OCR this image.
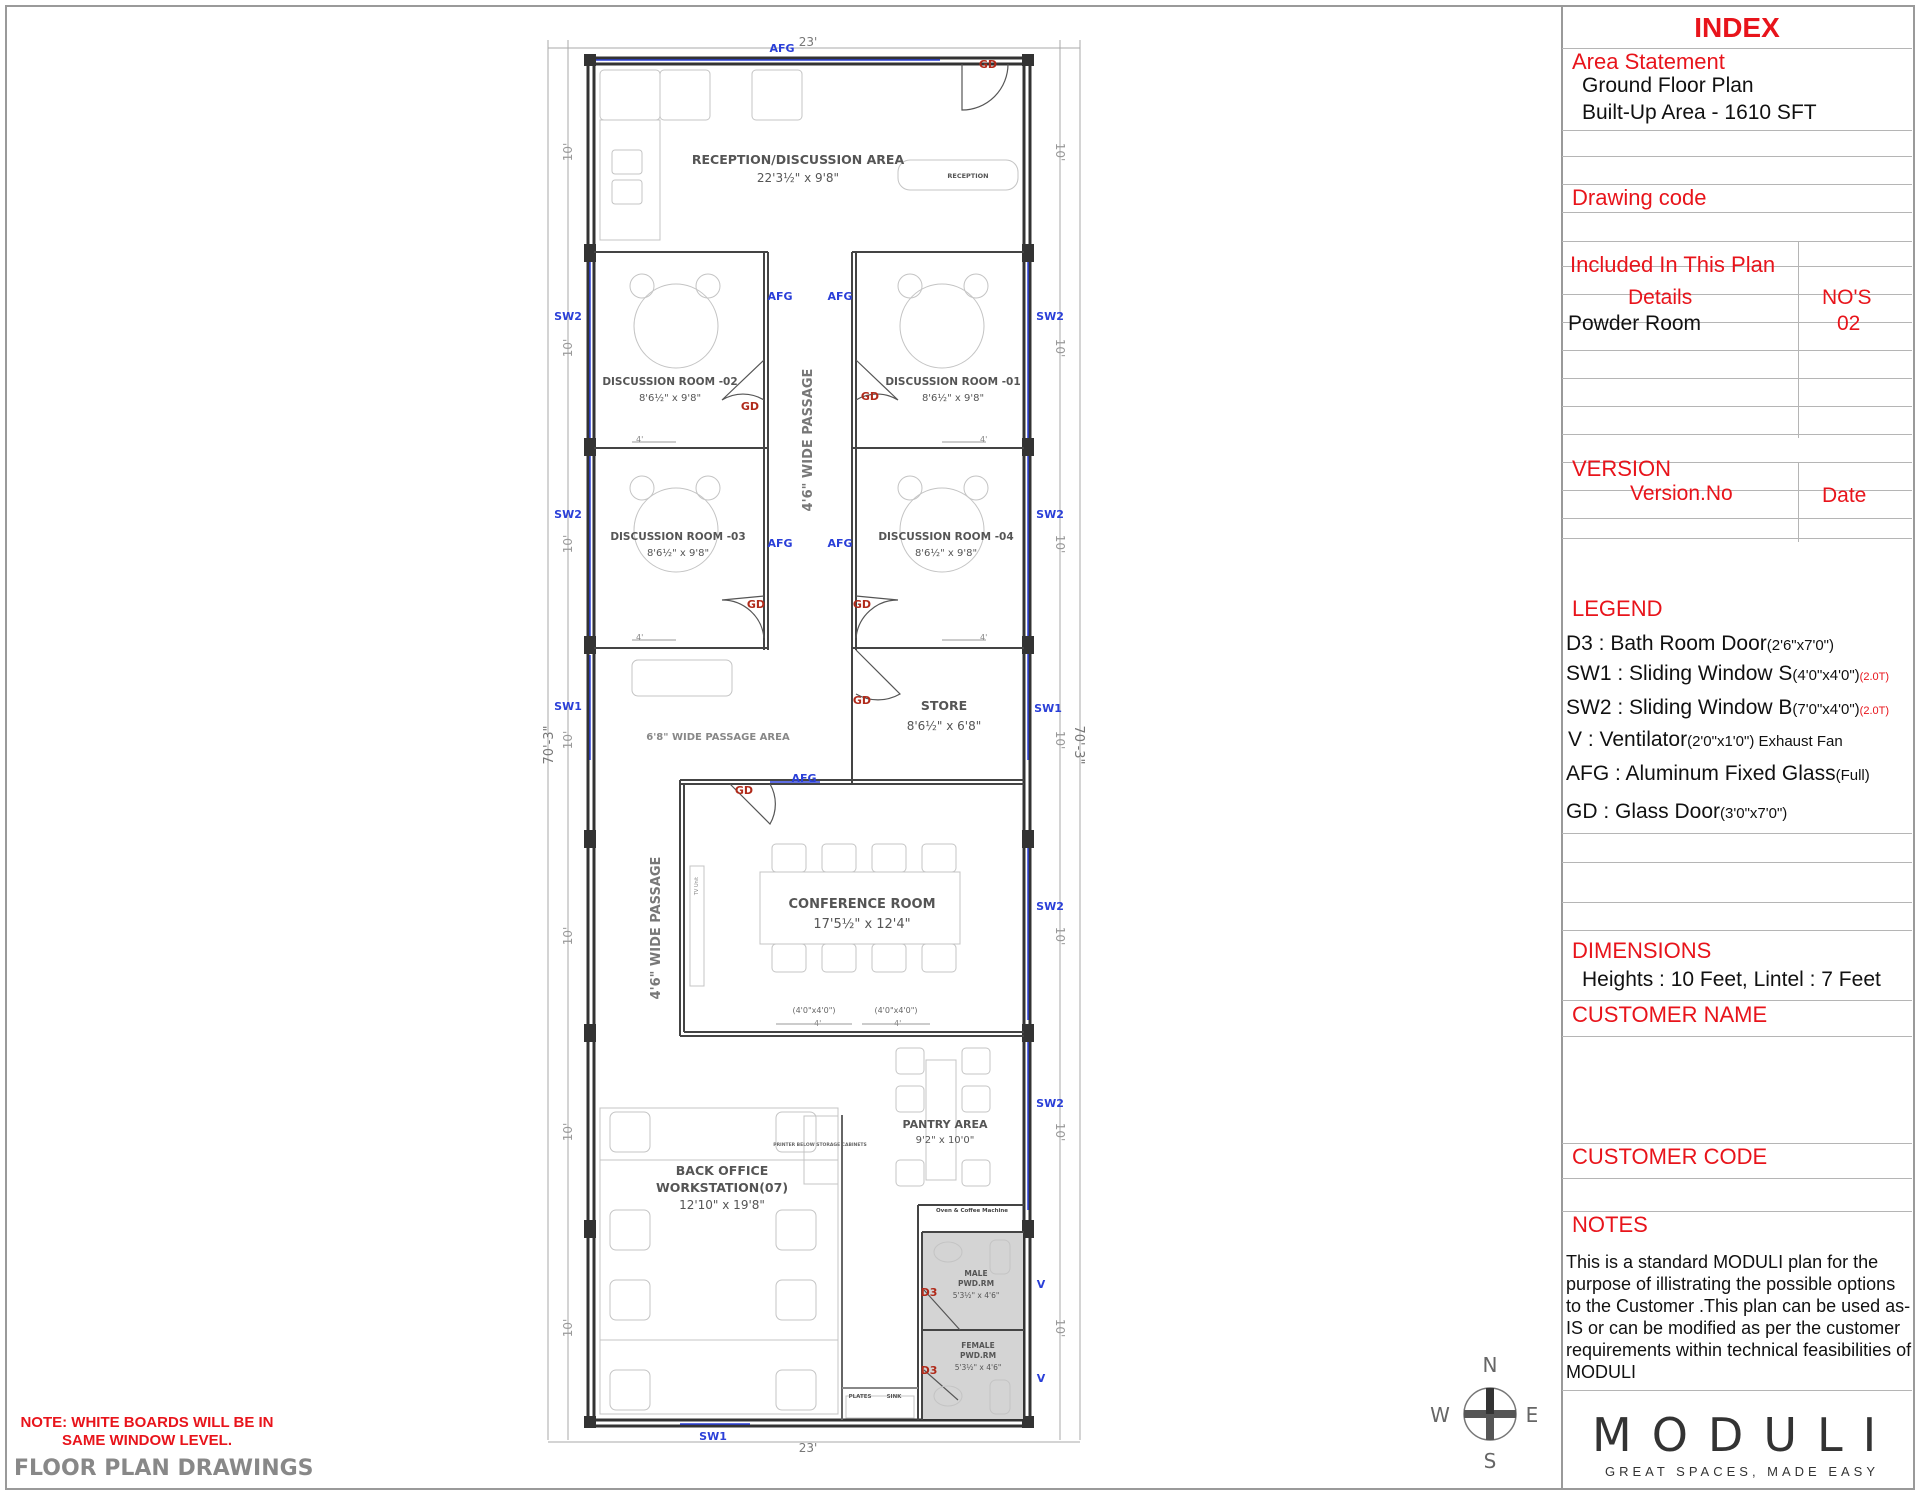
23'
23'
70'-3"	70'-3"
10'
10'
10'
10'
10'
10'
10'
10'
10'
10'
10'
10'
10'
10'
AFG
AFG	AFG
AFG	AFG
AFG
GD
GD
GD
GD	GD
GD
GD
SW2
SW2
SW1
SW2
SW2
SW1
SW2
SW2
SW1
V
V
D3
D3
4'	4'
4'	4'
4'	4'
(4'0"x4'0")	(4'0"x4'0")
RECEPTION/DISCUSSION AREA
22'3½" x 9'8"	RECEPTION
DISCUSSION ROOM -02
8'6½" x 9'8"
DISCUSSION ROOM -01
8'6½" x 9'8"
DISCUSSION ROOM -03
8'6½" x 9'8"
DISCUSSION ROOM -04
8'6½" x 9'8"
STORE
8'6½" x 6'8"
6'8" WIDE PASSAGE AREA
4'6" WIDE PASSAGE
4'6" WIDE PASSAGE	CONFERENCE ROOM
17'5½" x 12'4"
TV Unit
PANTRY AREA
9'2" x 10'0"
BACK OFFICE
WORKSTATION(07)
12'10" x 19'8"
PRINTER BELOW STORAGE CABINETS
Oven & Coffee Machine
MALE
PWD.RM
5'3½" x 4'6"
FEMALE
PWD.RM
5'3½" x 4'6"
PLATES	SINK
N
S
E
W
NOTE: WHITE BOARDS WILL BE IN SAME WINDOW LEVEL.
FLOOR PLAN DRAWINGS
INDEX
Area Statement
Ground Floor Plan
Built-Up Area - 1610 SFT
Drawing code
Included In This Plan
Details	NO'S
Powder Room	02
VERSION
Version.No	Date
LEGEND
D3 : Bath Room Door(2'6"x7'0")
SW1 : Sliding Window S(4'0"x4'0")(2.0T)
SW2 : Sliding Window B(7'0"x4'0")(2.0T)
V : Ventilator(2'0"x1'0") Exhaust Fan
AFG : Aluminum Fixed Glass(Full)
GD : Glass Door(3'0"x7'0")
DIMENSIONS
Heights : 10 Feet, Lintel : 7 Feet
CUSTOMER NAME
CUSTOMER CODE
NOTES
This is a standard MODULI plan for the purpose of illistrating the possible options to the Customer .This plan can be used as-IS or can be modified as per the customer requirements within technical feasibilities of MODULI
MODULI
GREAT SPACES, MADE EASY
